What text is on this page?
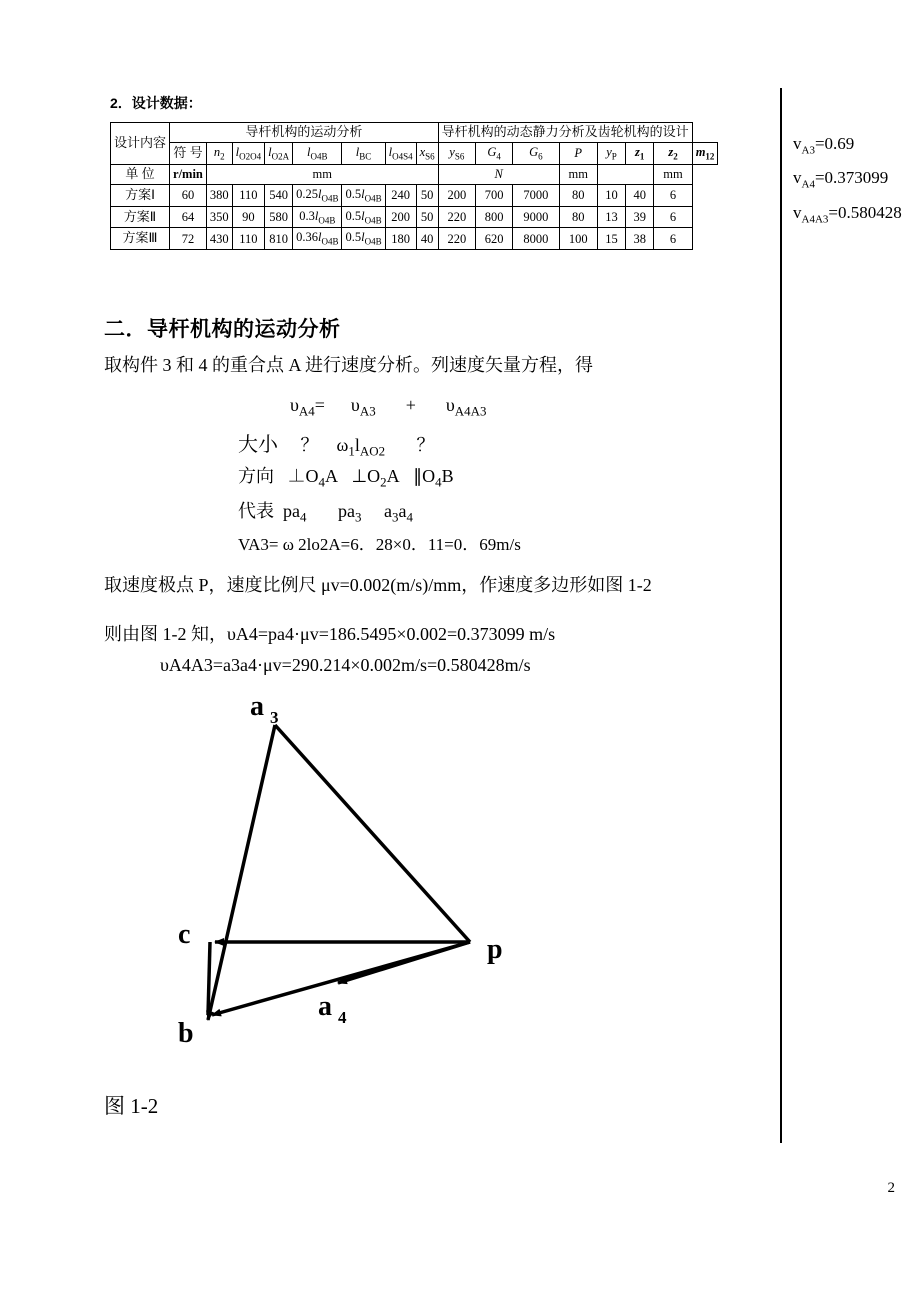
$v_{A3}=0.69$
$v_{A4}=0.373099$
$v_{A4A3}=0.580428$
2
2．设计数据：
设计内容	导杆机构的运动分析								导杆机构的动态静力分析及齿轮机构的设计							
	符 号	$n_2$	$l_{O2O4}$	$l_{O2A}$	$l_{O4B}$	$l_{BC}$	$l_{O4S4}$	$x_{S6}$	$y_{S6}$	$G_4$	$G_6$	P	$y_P$	$z_1$	$z_2$	$m_{12}$
单 位	r/min	mm							N			mm			mm	
方案Ⅰ	60	380	110	540	$0.25l_{O4B}$	$0.5l_{O4B}$	240	50	200	700	7000	80	10	40	6	
方案Ⅱ	64	350	90	580	$0.3l_{O4B}$	$0.5l_{O4B}$	200	50	220	800	9000	80	13	39	6	
方案Ⅲ	72	430	110	810	$0.36l_{O4B}$	$0.5l_{O4B}$	180	40	220	620	8000	100	15	38	6	
二．导杆机构的运动分析
取构件 3 和 4 的重合点 A 进行速度分析。列速度矢量方程，得
$\upsilon_{A4}= \upsilon_{A3} + \upsilon_{A4A3}$
大小     ？    $\omega_1l_{AO2}$       ？
方向   $\perp O_4A$   $\perp O_2A$   $\parallel O_4B$
代表  $pa_4$       $pa_3$     $a_3a_4$
VA3= ω 2lo2A=6．28×0．11=0．69m/s
取速度极点 P，速度比例尺 μv=0.002(m/s)/mm，作速度多边形如图 1-2
则由图 1-2 知，υA4=pa4·μv=186.5495×0.002=0.373099 m/s
υA4A3=a3a4·μv=290.214×0.002m/s=0.580428m/s
a 3
a 4
b
c	p
图 1-2
